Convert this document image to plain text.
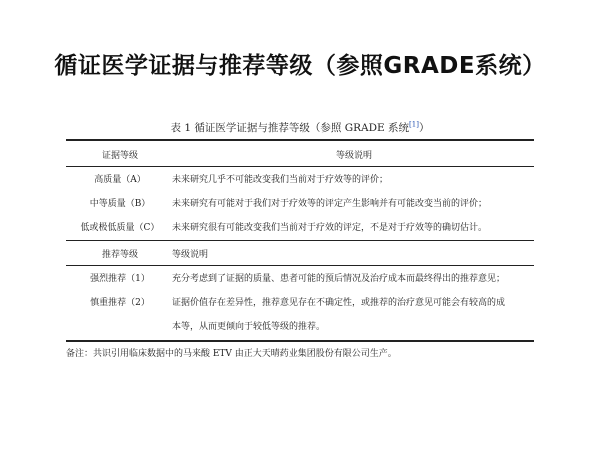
循证医学证据与推荐等级（参照GRADE系统）
表 1 循证医学证据与推荐等级（参照 GRADE 系统[1]）
证据等级	等级说明
高质量（A）	未来研究几乎不可能改变我们当前对于疗效等的评价；
中等质量（B）	未来研究有可能对于我们对于疗效等的评定产生影响并有可能改变当前的评价；
低或极低质量（C）	未来研究很有可能改变我们当前对于疗效的评定，不是对于疗效等的确切估计。
推荐等级	等级说明
强烈推荐（1）	充分考虑到了证据的质量、患者可能的预后情况及治疗成本而最终得出的推荐意见；
慎重推荐（2）	证据价值存在差异性，推荐意见存在不确定性，或推荐的治疗意见可能会有较高的成
本等，从而更倾向于较低等级的推荐。
备注：共识引用临床数据中的马来酸 ETV 由正大天晴药业集团股份有限公司生产。
